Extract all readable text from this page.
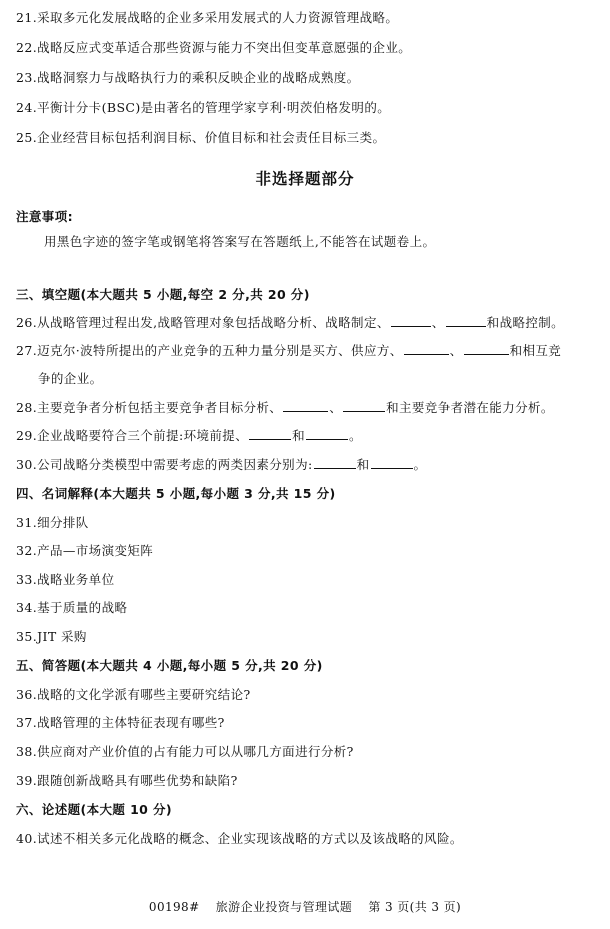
21.采取多元化发展战略的企业多采用发展式的人力资源管理战略。
22.战略反应式变革适合那些资源与能力不突出但变革意愿强的企业。
23.战略洞察力与战略执行力的乘积反映企业的战略成熟度。
24.平衡计分卡(BSC)是由著名的管理学家亨利·明茨伯格发明的。
25.企业经营目标包括利润目标、价值目标和社会责任目标三类。
非选择题部分
注意事项:
用黑色字迹的签字笔或钢笔将答案写在答题纸上,不能答在试题卷上。
三、填空题(本大题共 5 小题,每空 2 分,共 20 分)
26.从战略管理过程出发,战略管理对象包括战略分析、战略制定、	、	和战略控制。
27.迈克尔·波特所提出的产业竞争的五种力量分别是买方、供应方、	、	和相互竞
争的企业。
28.主要竞争者分析包括主要竞争者目标分析、	、	和主要竞争者潜在能力分析。
29.企业战略要符合三个前提:环境前提、	和	。
30.公司战略分类模型中需要考虑的两类因素分别为:	和	。
四、名词解释(本大题共 5 小题,每小题 3 分,共 15 分)
31.细分排队
32.产品—市场演变矩阵
33.战略业务单位
34.基于质量的战略
35.JIT 采购
五、简答题(本大题共 4 小题,每小题 5 分,共 20 分)
36.战略的文化学派有哪些主要研究结论?
37.战略管理的主体特征表现有哪些?
38.供应商对产业价值的占有能力可以从哪几方面进行分析?
39.跟随创新战略具有哪些优势和缺陷?
六、论述题(本大题 10 分)
40.试述不相关多元化战略的概念、企业实现该战略的方式以及该战略的风险。
00198# 旅游企业投资与管理试题 第 3 页(共 3 页)
